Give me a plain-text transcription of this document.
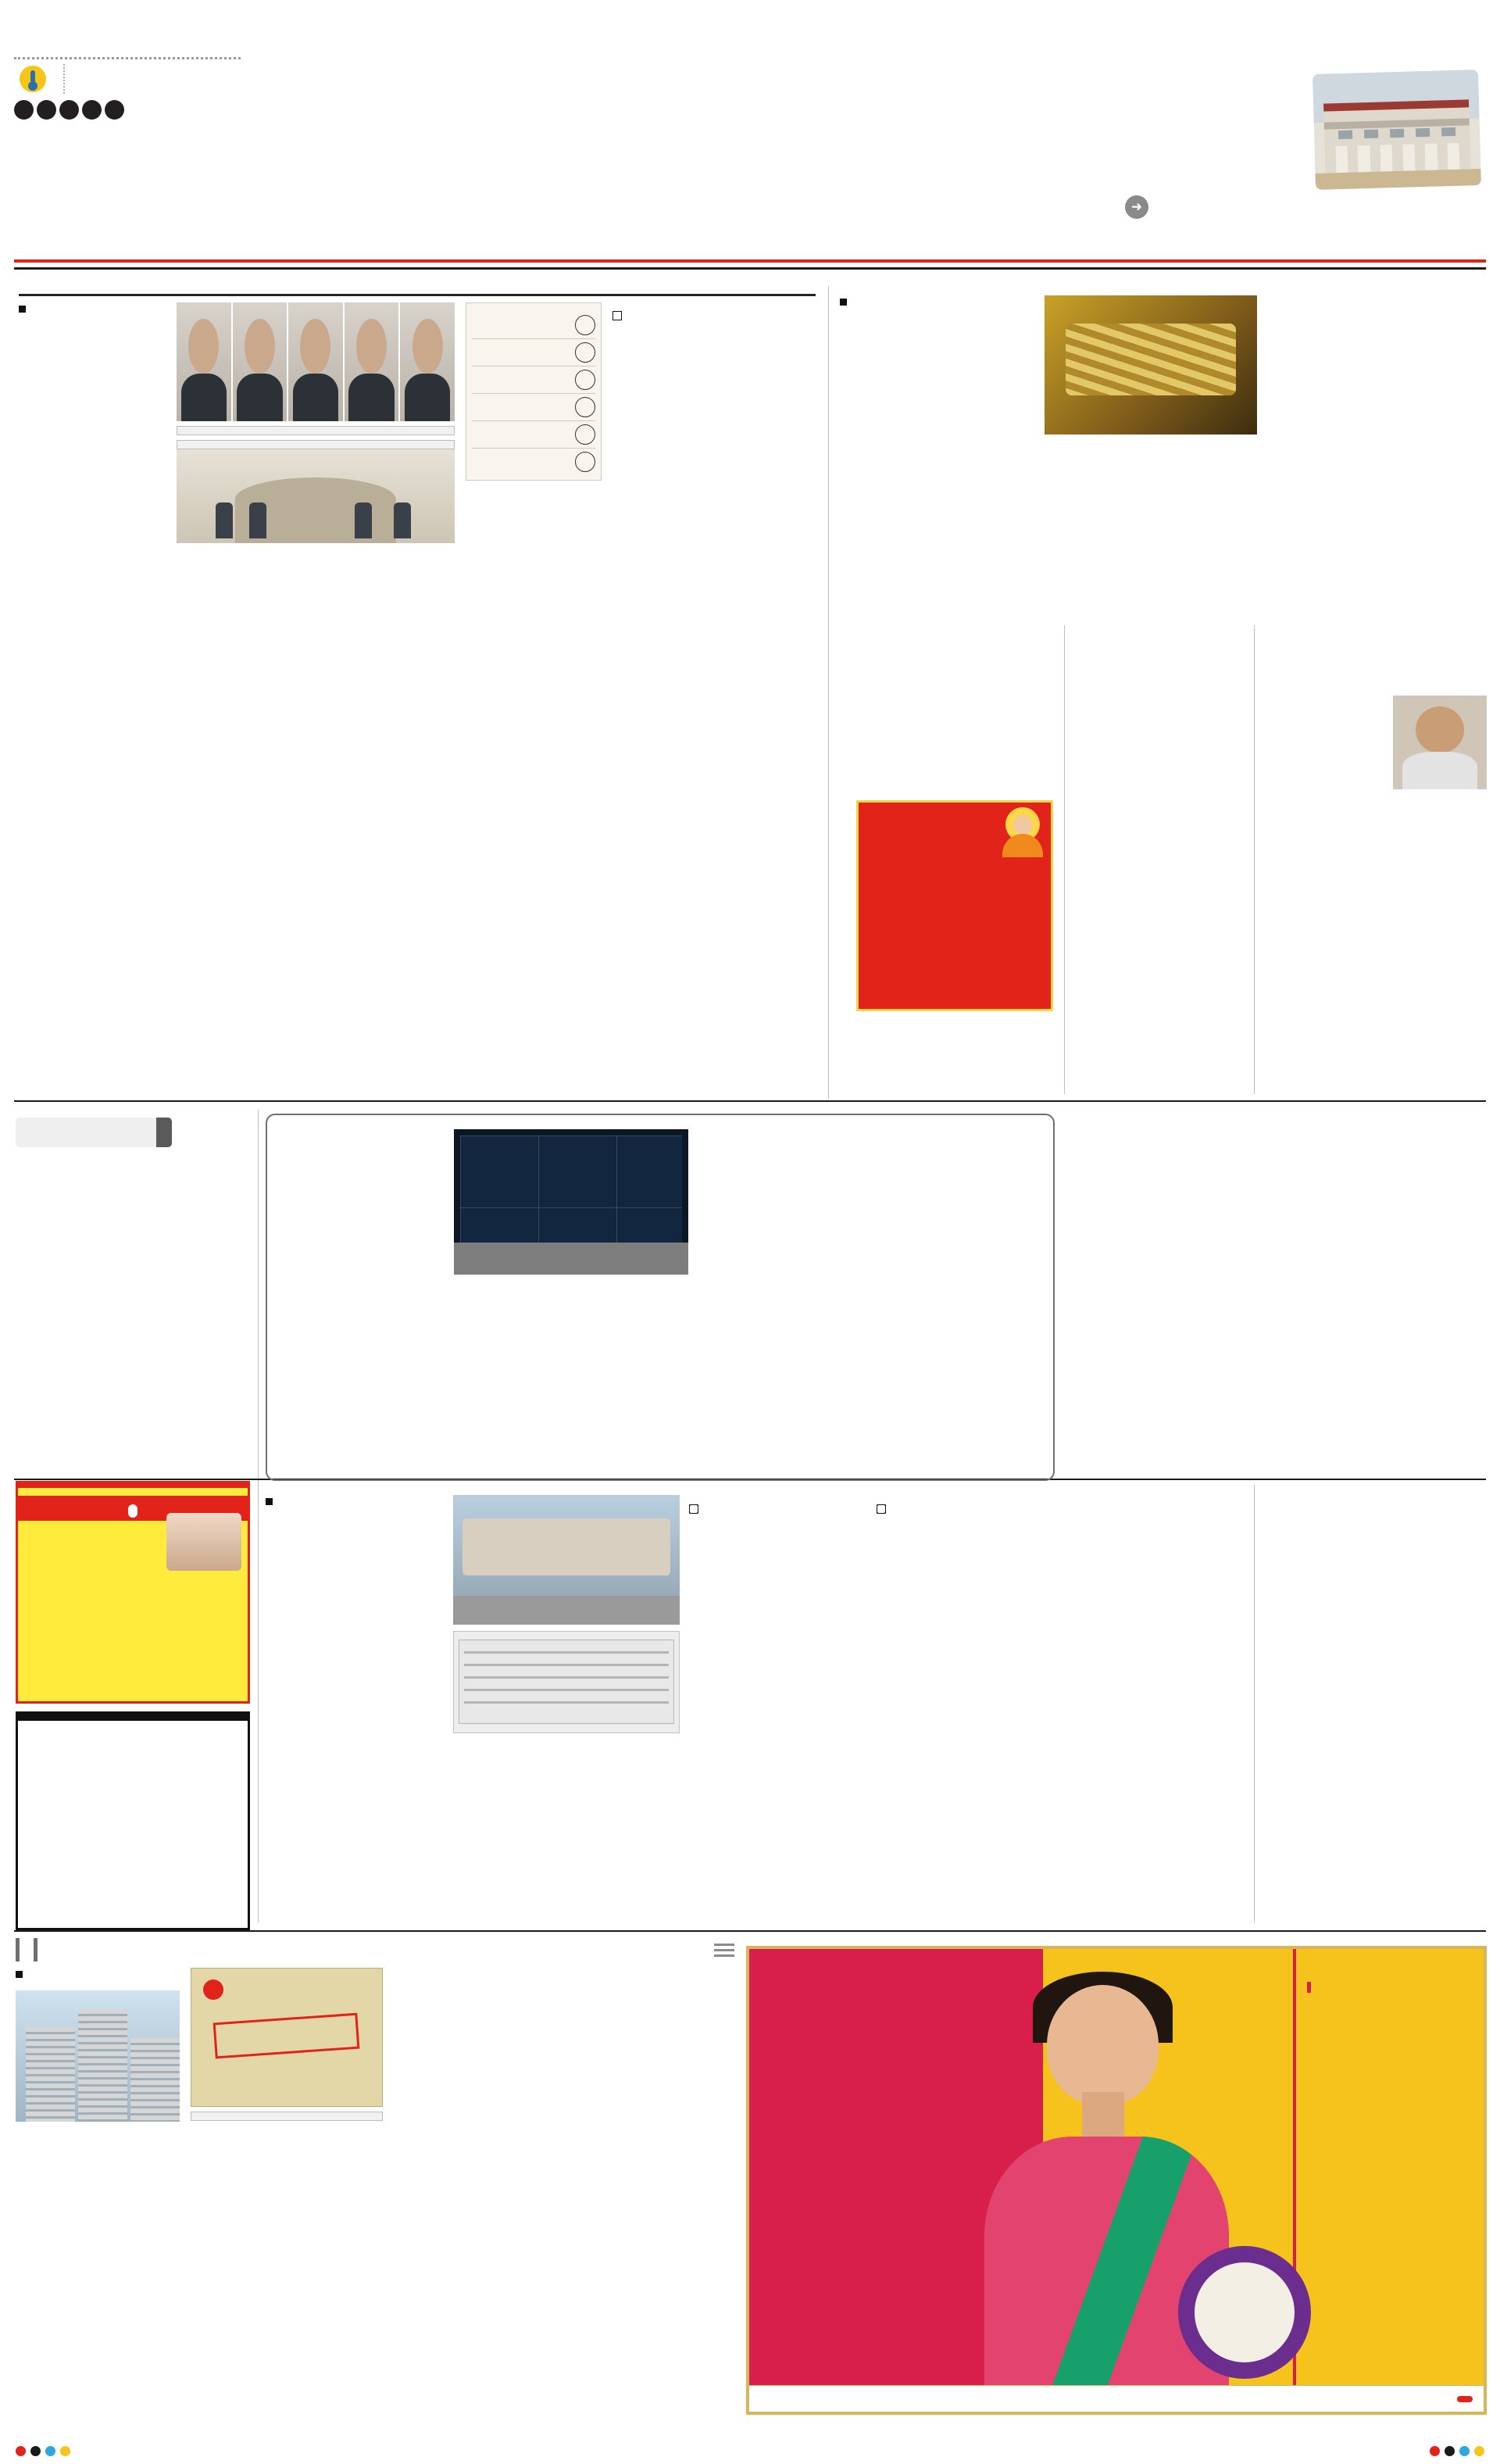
➜
